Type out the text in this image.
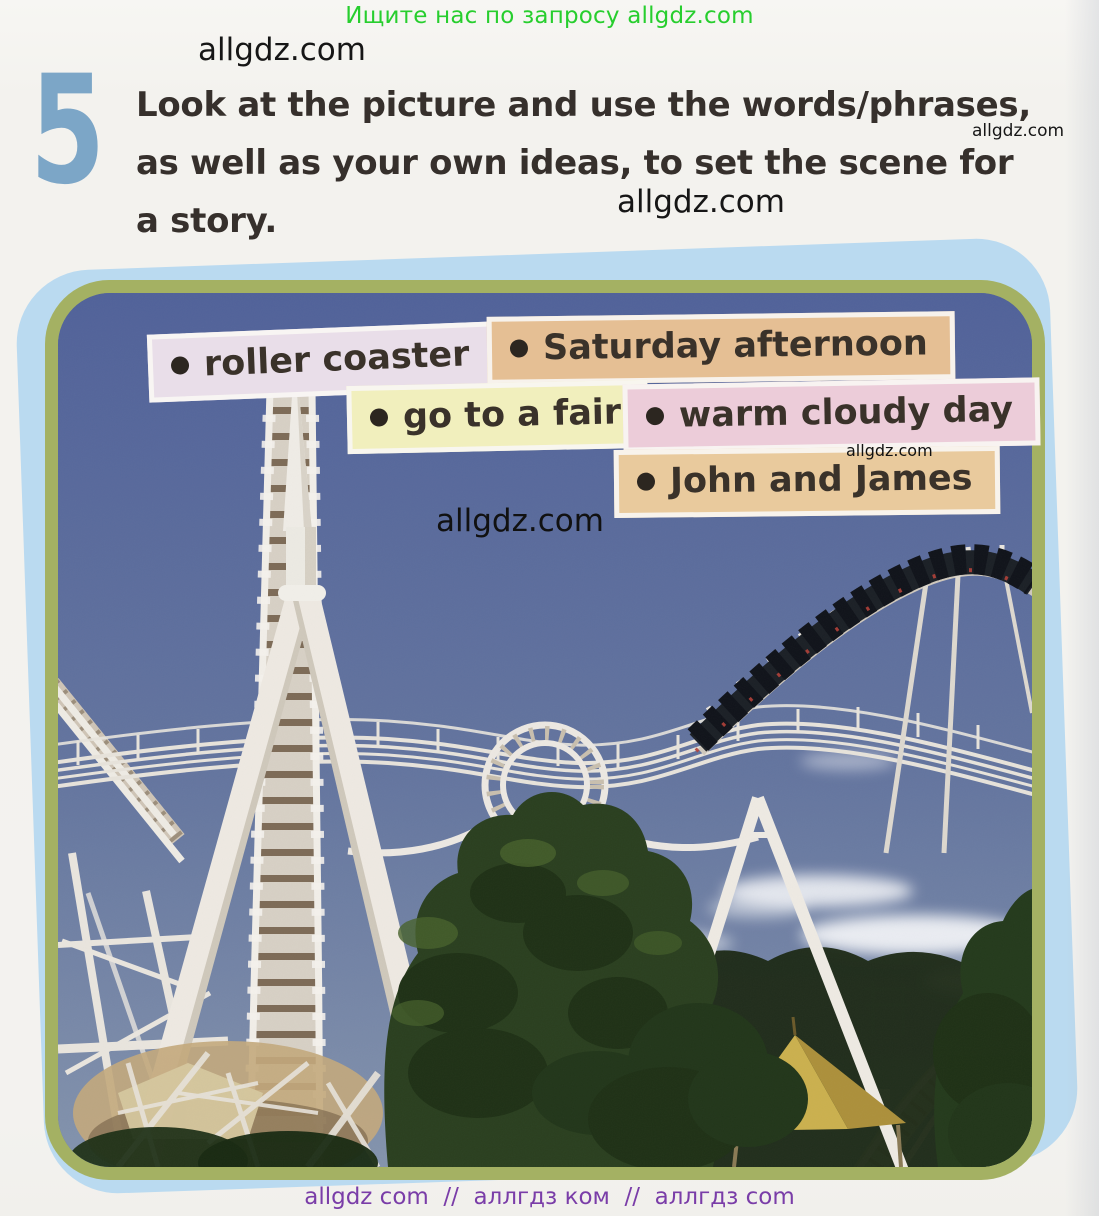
Ищите нас по запросу allgdz.com
allgdz.com
5 Look at the picture and use the words/phrases,
as well as your own ideas, to set the scene for
a story.
allgdz.com
allgdz.com
roller coaster Saturday afternoon
go to a fair warm cloudy day
John and James
allgdz.com
allgdz.com
allgdz com  //  аллгдз ком  //  аллгдз com
